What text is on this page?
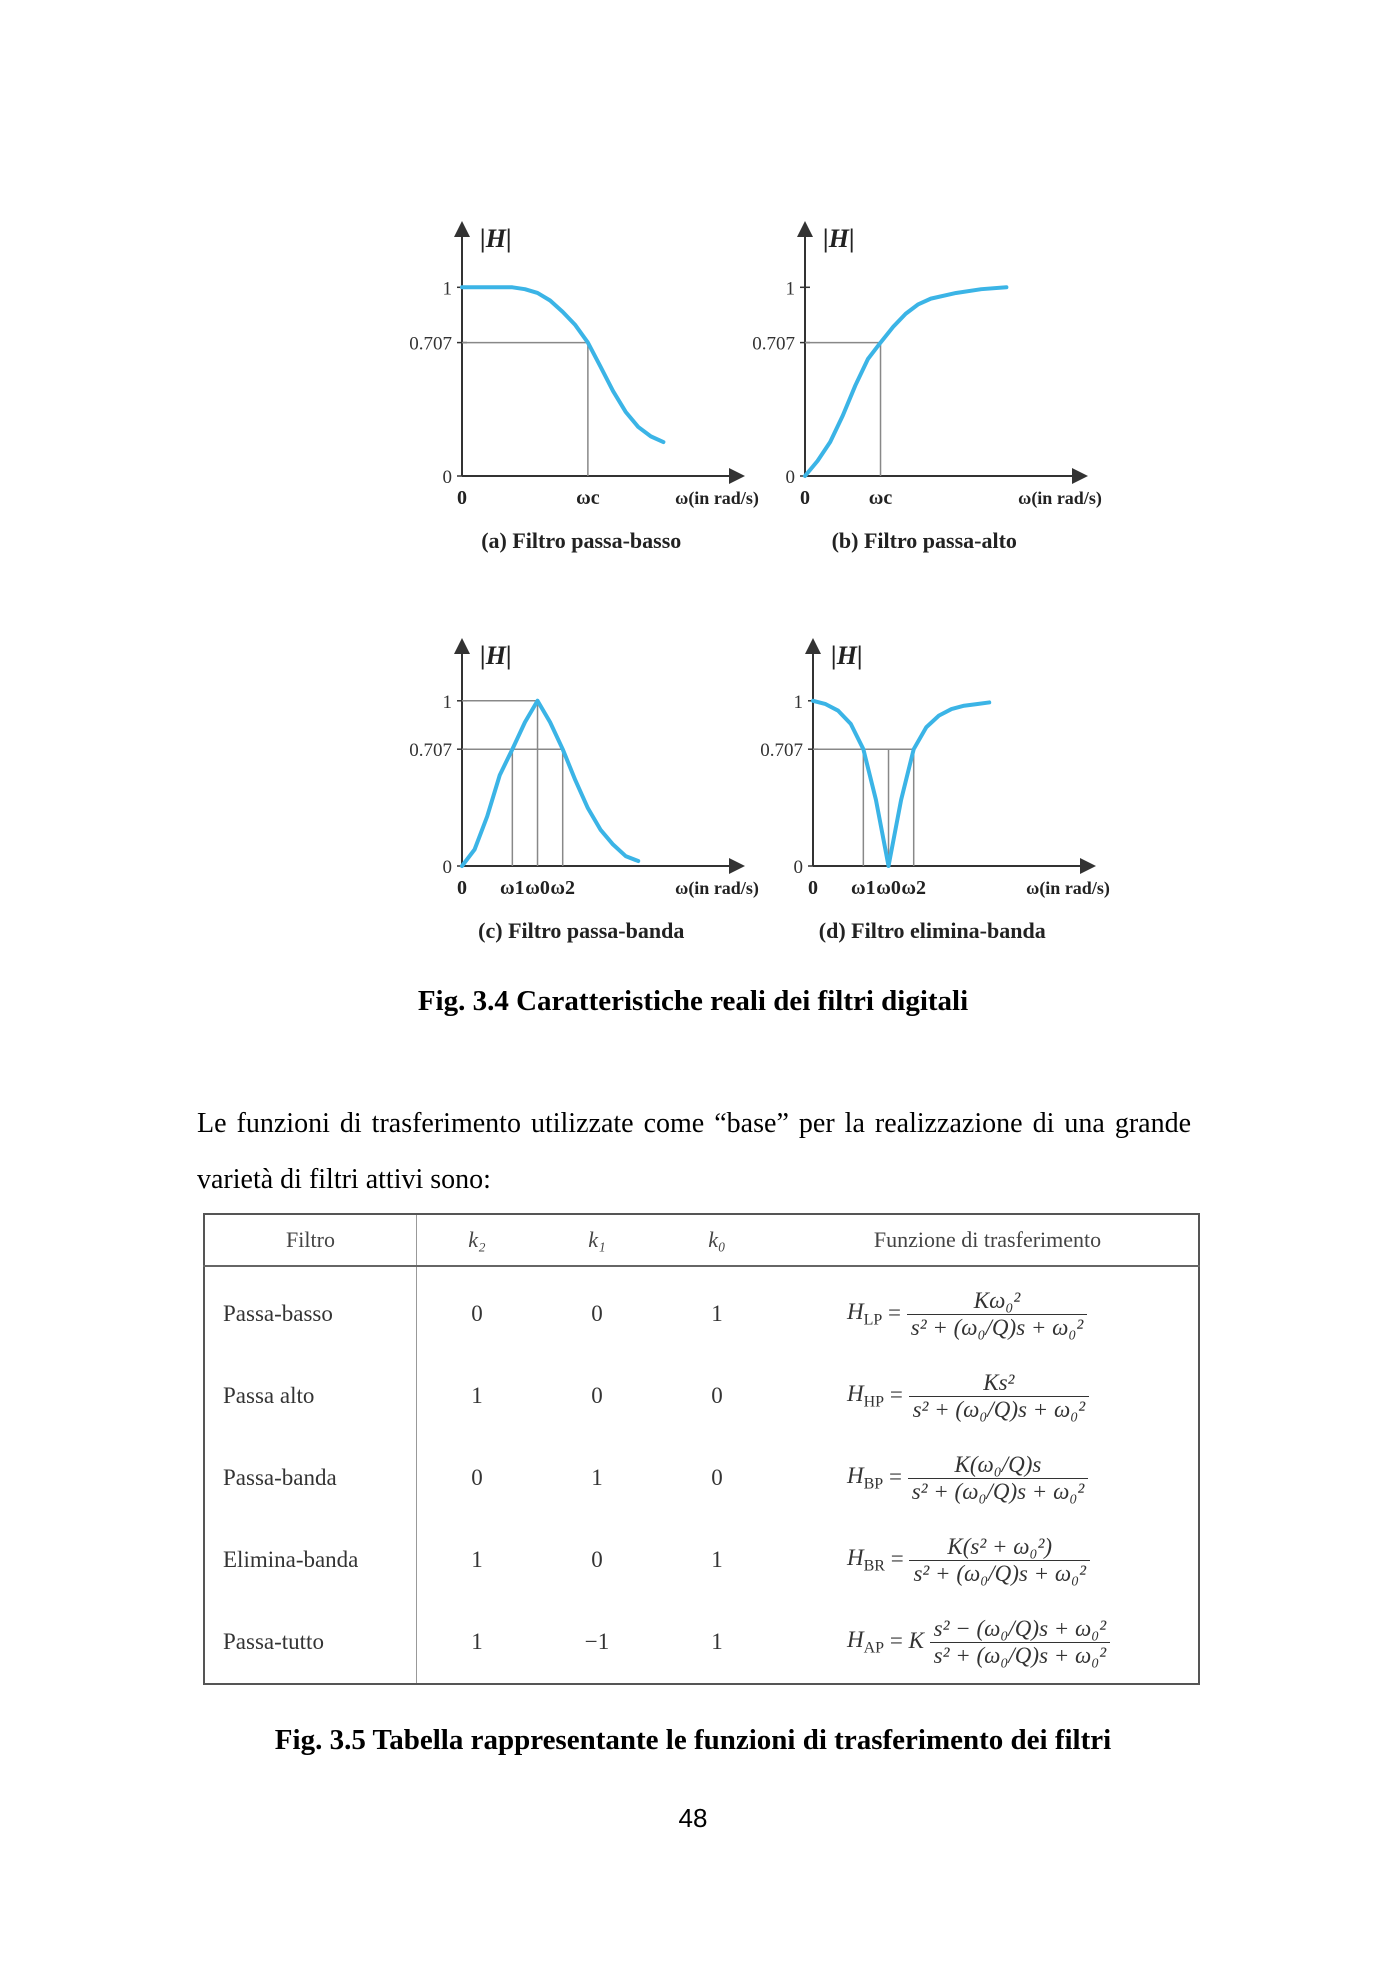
|H|
1
0.707
0
0	ωc	ω(in rad/s)
(a) Filtro passa-basso
|H|
1
0.707
0
0	ωc	ω(in rad/s)
(b) Filtro passa-alto
|H|
1
0.707
0
0 ω1 ω0 ω2	ω(in rad/s)
(c) Filtro passa-banda
|H|
1
0.707
0
0 ω1 ω0 ω2	ω(in rad/s)
(d) Filtro elimina-banda
Fig. 3.4 Caratteristiche reali dei filtri digitali
Le funzioni di trasferimento utilizzate come “base” per la realizzazione di una grande varietà di filtri attivi sono:
Filtro	k₂	k₁	k₀	Funzione di trasferimento
Passa-basso	0	0	1	$H_{LP} = \frac{\text{Kω₀²}}{\text{s² + (ω₀/Q)s + ω₀²}}$

Passa alto	1	0	0	$H_{HP} = \frac{\text{Ks²}}{\text{s² + (ω₀/Q)s + ω₀²}}$

Passa-banda	0	1	0	$H_{BP} = \frac{\text{K(ω₀/Q)s}}{\text{s² + (ω₀/Q)s + ω₀²}}$

Elimina-banda	1	0	1	$H_{BR} = \frac{\text{K(s² + ω₀²)}}{\text{s² + (ω₀/Q)s + ω₀²}}$

Passa-tutto	1	−1	1	$H_{AP} = K \frac{\text{s² − (ω₀/Q)s + ω₀²}}{\text{s² + (ω₀/Q)s + ω₀²}}$
Fig. 3.5 Tabella rappresentante le funzioni di trasferimento dei filtri
48
